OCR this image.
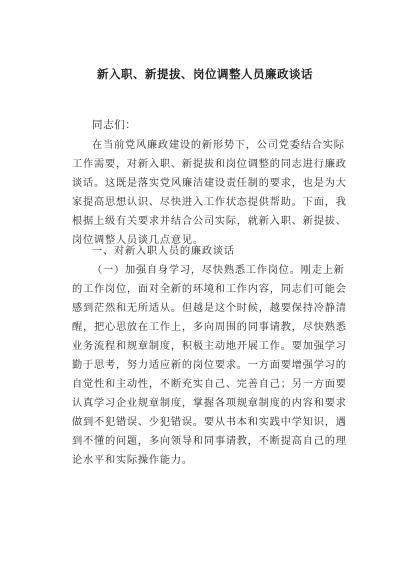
新入职、新提拔、岗位调整人员廉政谈话
同志们：
在当前党风廉政建设的新形势下，公司党委结合实际
工作需要，对新入职、新提拔和岗位调整的同志进行廉政
谈话。这既是落实党风廉洁建设责任制的要求，也是为大
家提高思想认识、尽快进入工作状态提供帮助。下面，我
根据上级有关要求并结合公司实际，就新入职、新提拔、
岗位调整人员谈几点意见。
一、对新入职人员的廉政谈话
（一）加强自身学习，尽快熟悉工作岗位。刚走上新
的工作岗位，面对全新的环境和工作内容，同志们可能会
感到茫然和无所适从。但越是这个时候，越要保持冷静清
醒，把心思放在工作上，多向周围的同事请教，尽快熟悉
业务流程和规章制度，积极主动地开展工作。要加强学习
勤于思考，努力适应新的岗位要求。一方面要增强学习的
自觉性和主动性，不断充实自己、完善自己；另一方面要
认真学习企业规章制度，掌握各项规章制度的内容和要求
做到不犯错误、少犯错误。要从书本和实践中学知识，遇
到不懂的问题，多向领导和同事请教，不断提高自己的理
论水平和实际操作能力。
